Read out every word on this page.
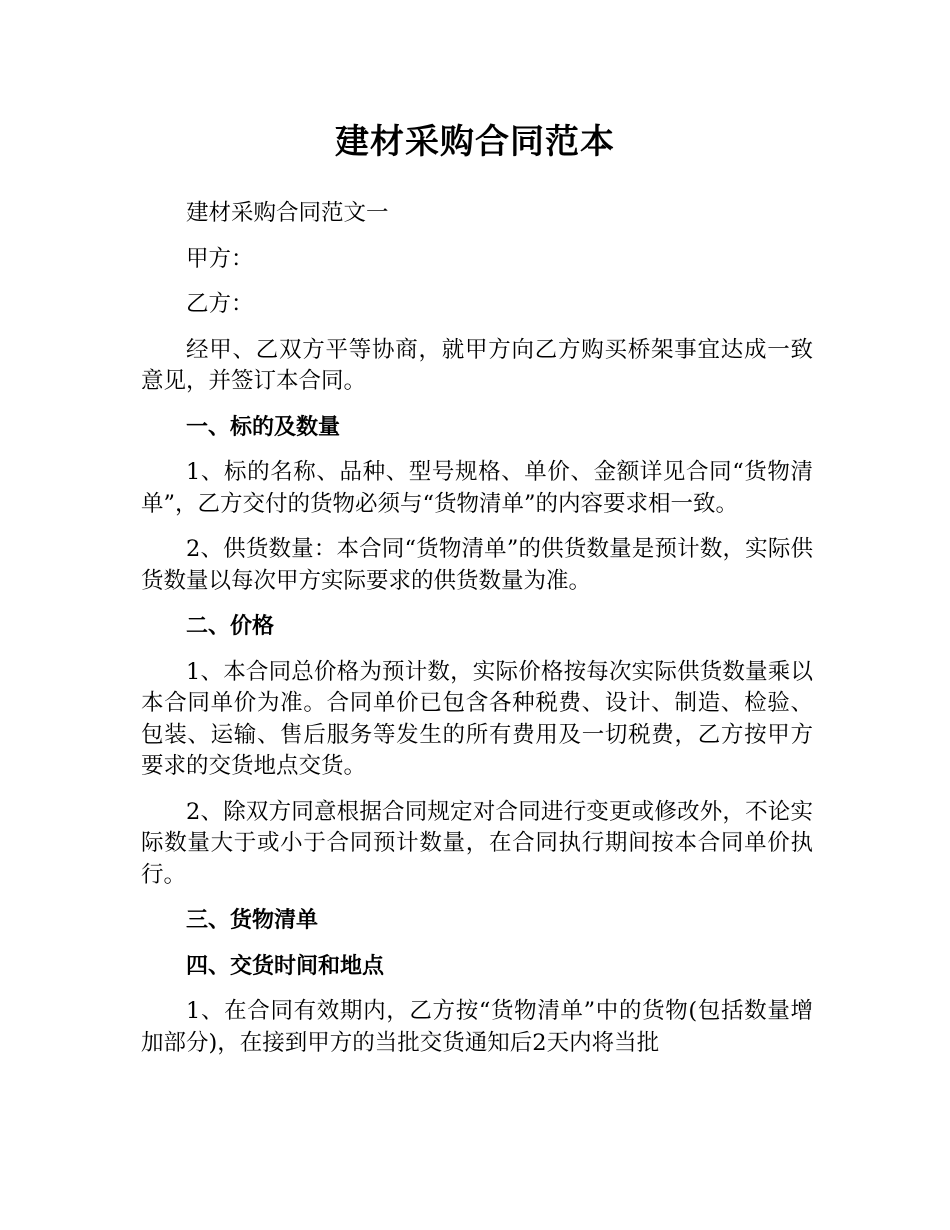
建材采购合同范本

建材采购合同范文一

甲方：

乙方：

经甲、乙双方平等协商，就甲方向乙方购买桥架事宜达成一致意见，并签订本合同。

一、标的及数量

1、标的名称、品种、型号规格、单价、金额详见合同“货物清单”，乙方交付的货物必须与“货物清单”的内容要求相一致。

2、供货数量：本合同“货物清单”的供货数量是预计数，实际供货数量以每次甲方实际要求的供货数量为准。

二、价格

1、本合同总价格为预计数，实际价格按每次实际供货数量乘以本合同单价为准。合同单价已包含各种税费、设计、制造、检验、包装、运输、售后服务等发生的所有费用及一切税费，乙方按甲方要求的交货地点交货。

2、除双方同意根据合同规定对合同进行变更或修改外，不论实际数量大于或小于合同预计数量，在合同执行期间按本合同单价执行。

三、货物清单

四、交货时间和地点

1、在合同有效期内，乙方按“货物清单”中的货物(包括数量增加部分)，在接到甲方的当批交货通知后2天内将当批
